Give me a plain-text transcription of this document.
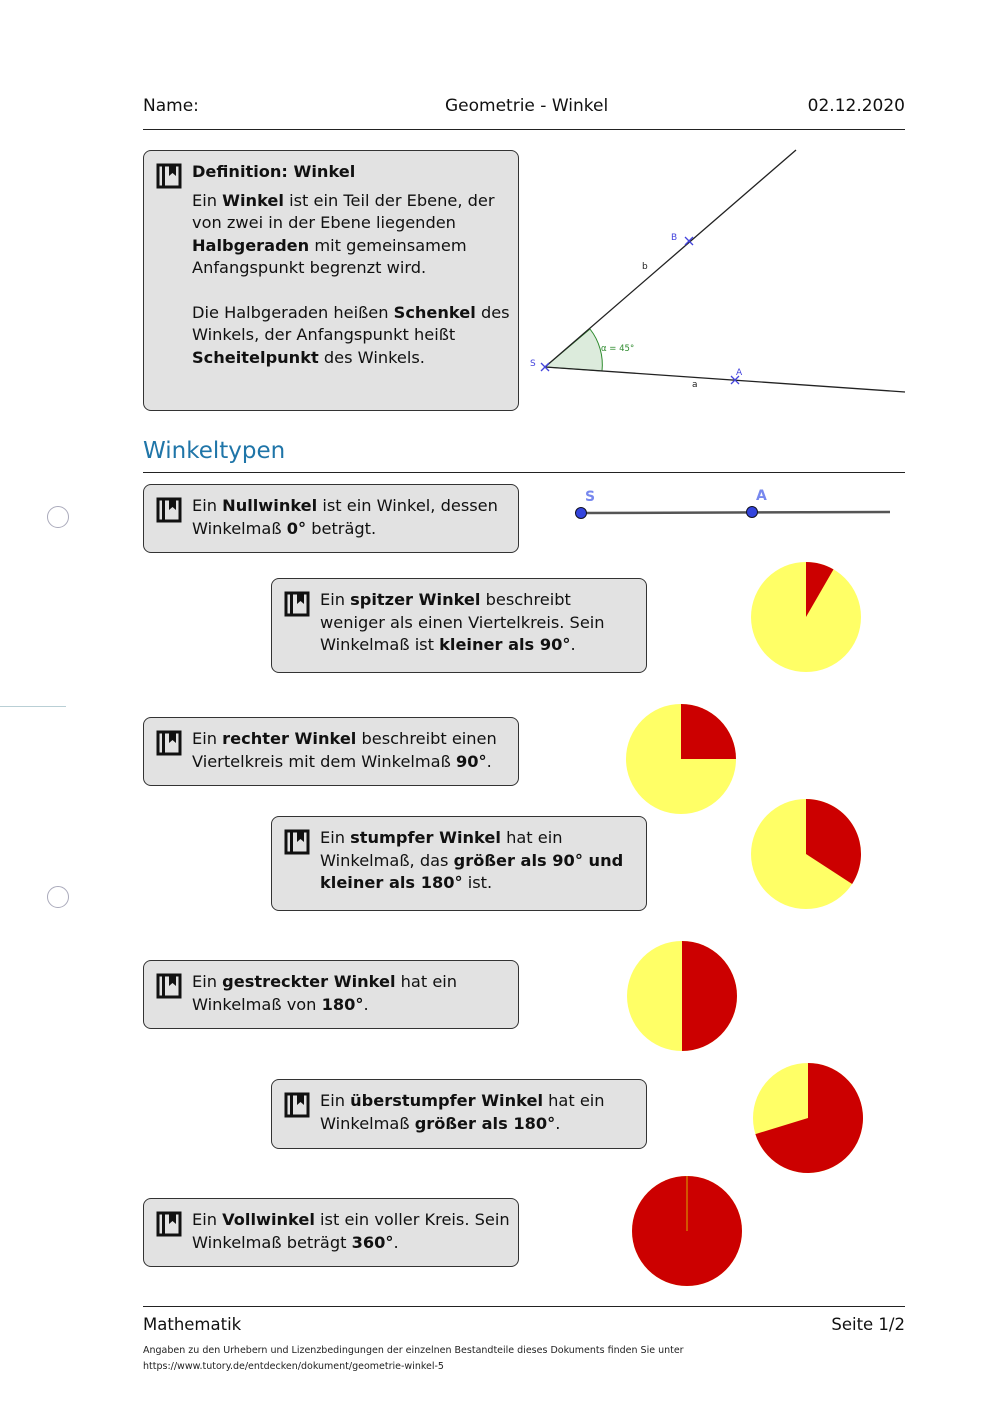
Name:	Geometrie - Winkel	02.12.2020
Definition: Winkel
Ein Winkel ist ein Teil der Ebene, der von zwei in der Ebene liegenden Halbgeraden mit gemeinsamem Anfangspunkt begrenzt wird.
Die Halbgeraden heißen Schenkel des Winkels, der Anfangspunkt heißt Scheitelpunkt des Winkels.	S
B
A
b
a
α = 45°
Winkeltypen
Ein Nullwinkel ist ein Winkel, dessen Winkelmaß 0° beträgt.
Ein spitzer Winkel beschreibt weniger als einen Viertelkreis. Sein Winkelmaß ist kleiner als 90°.
Ein rechter Winkel beschreibt einen Viertelkreis mit dem Winkelmaß 90°.
Ein stumpfer Winkel hat ein Winkelmaß, das größer als 90° und kleiner als 180° ist.
Ein gestreckter Winkel hat ein Winkelmaß von 180°.
Ein überstumpfer Winkel hat ein Winkelmaß größer als 180°.
Ein Vollwinkel ist ein voller Kreis. Sein Winkelmaß beträgt 360°.
S	A
Mathematik	Seite 1/2
Angaben zu den Urhebern und Lizenzbedingungen der einzelnen Bestandteile dieses Dokuments finden Sie unter
https://www.tutory.de/entdecken/dokument/geometrie-winkel-5
